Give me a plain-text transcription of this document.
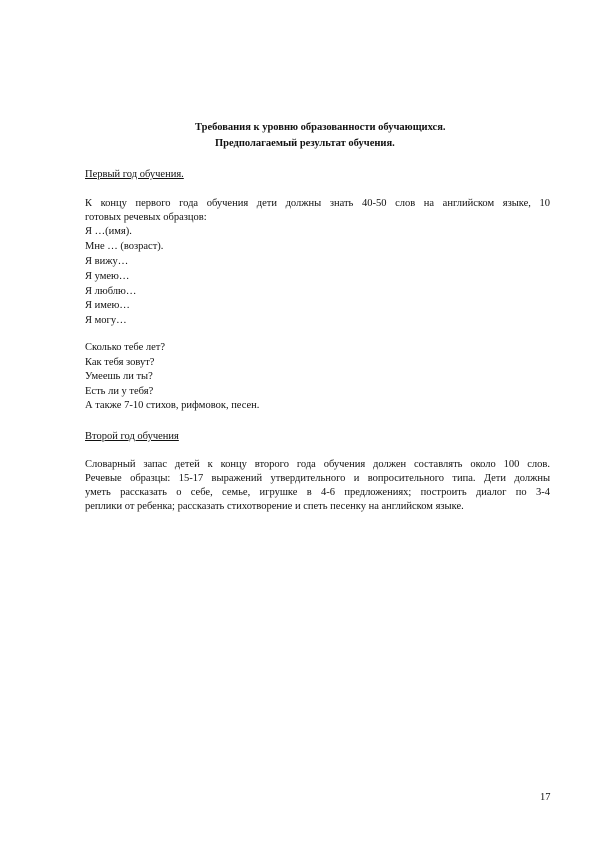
Требования к уровню образованности обучающихся.
Предполагаемый результат обучения.
Первый год обучения.
К концу первого года обучения дети должны знать 40-50 слов на английском языке, 10
готовых речевых образцов:
Я …(имя).
Мне … (возраст).
Я вижу…
Я умею…
Я люблю…
Я имею…
Я могу…
Сколько тебе лет?
Как тебя зовут?
Умеешь ли ты?
Есть ли у тебя?
А также 7-10 стихов, рифмовок, песен.
Второй год обучения
Словарный запас детей к концу второго года обучения должен составлять около 100 слов.
Речевые образцы: 15-17 выражений утвердительного и вопросительного типа. Дети должны
уметь рассказать о себе, семье, игрушке в 4-6 предложениях; построить диалог по 3-4
реплики от ребенка; рассказать стихотворение и спеть песенку на английском языке.
17
